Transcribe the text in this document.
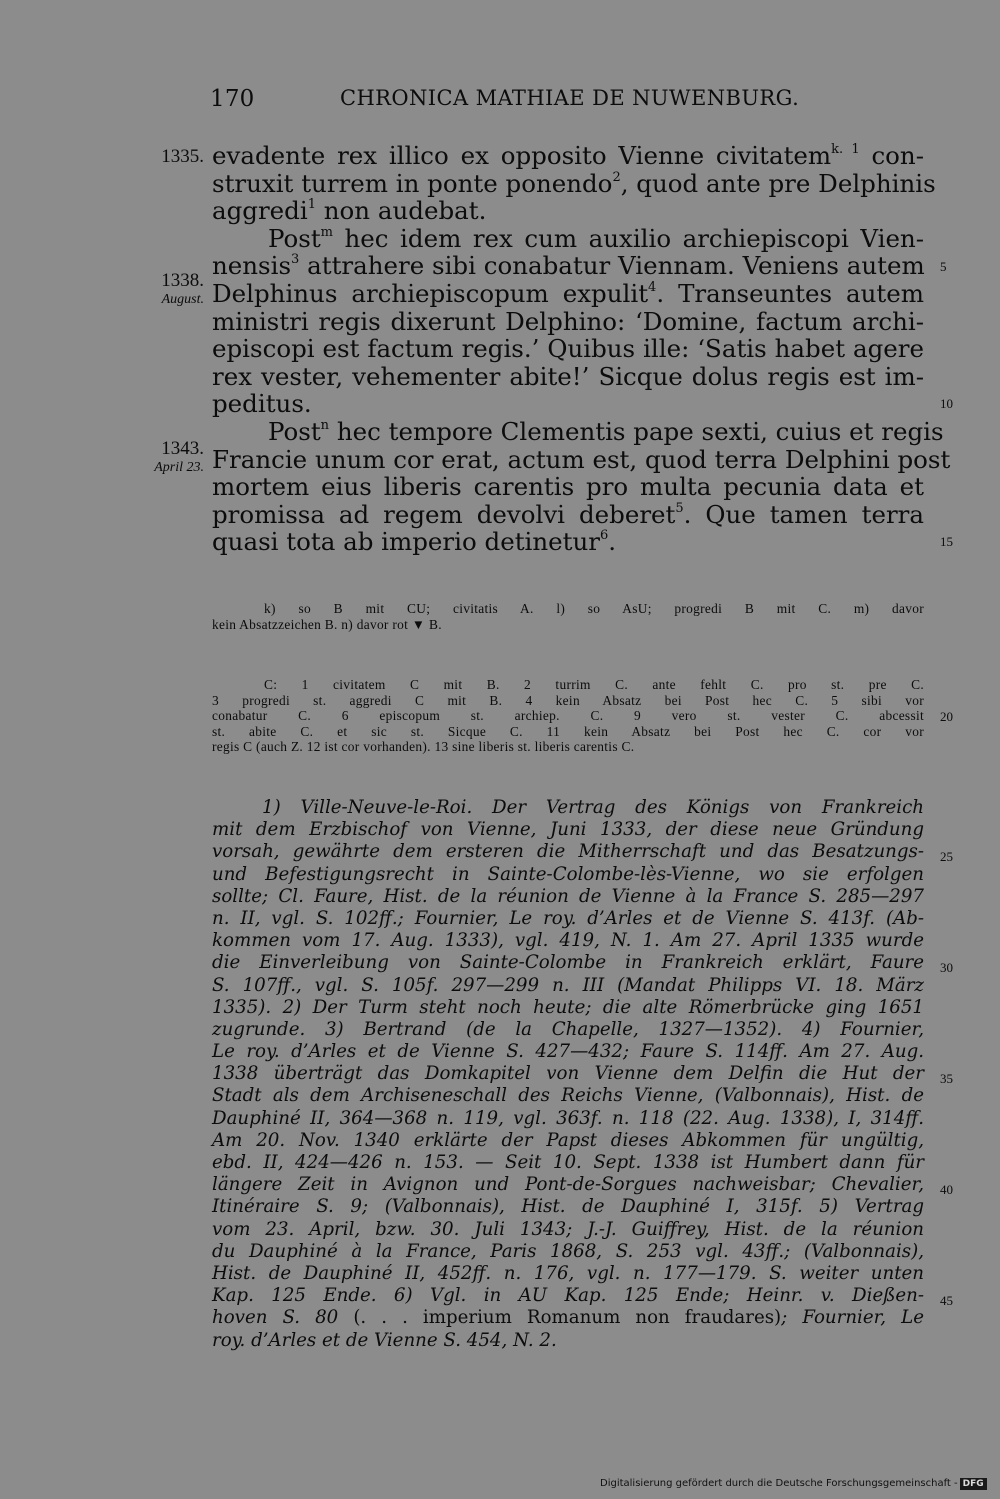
170	CHRONICA MATHIAE DE NUWENBURG.
1335.
1338.
August.
1343.
April 23.
5
10
15
20
25
30
35
40
45
evadente rex illico ex opposito Vienne civitatem$^{k. 1}$ con-
struxit turrem in ponte ponendo$^2$, quod ante pre Delphinis
aggredi$^1$ non audebat.
Post$^m$ hec idem rex cum auxilio archiepiscopi Vien-
nensis$^3$ attrahere sibi conabatur Viennam. Veniens autem
Delphinus archiepiscopum expulit$^4$. Transeuntes autem
ministri regis dixerunt Delphino: ‘Domine, factum archi-
episcopi est factum regis.’ Quibus ille: ‘Satis habet agere
rex vester, vehementer abite!’ Sicque dolus regis est im-
peditus.
Post$^n$ hec tempore Clementis pape sexti, cuius et regis
Francie unum cor erat, actum est, quod terra Delphini post
mortem eius liberis carentis pro multa pecunia data et
promissa ad regem devolvi deberet$^5$. Que tamen terra
quasi tota ab imperio detinetur$^6$.
k) so B mit CU; civitatis A. l) so AsU; progredi B mit C. m) davor
kein Absatzzeichen B. n) davor rot ▼ B.
C: 1 civitatem C mit B. 2 turrim C. ante fehlt C. pro st. pre C.
3 progredi st. aggredi C mit B. 4 kein Absatz bei Post hec C. 5 sibi vor
conabatur C. 6 episcopum st. archiep. C. 9 vero st. vester C. abcessit
st. abite C. et sic st. Sicque C. 11 kein Absatz bei Post hec C. cor vor
regis C (auch Z. 12 ist cor vorhanden). 13 sine liberis st. liberis carentis C.
1) Ville-Neuve-le-Roi. Der Vertrag des Königs von Frankreich
mit dem Erzbischof von Vienne, Juni 1333, der diese neue Gründung
vorsah, gewährte dem ersteren die Mitherrschaft und das Besatzungs-
und Befestigungsrecht in Sainte-Colombe-lès-Vienne, wo sie erfolgen
sollte; Cl. Faure, Hist. de la réunion de Vienne à la France S. 285—297
n. II, vgl. S. 102ff.; Fournier, Le roy. d’Arles et de Vienne S. 413f. (Ab-
kommen vom 17. Aug. 1333), vgl. 419, N. 1. Am 27. April 1335 wurde
die Einverleibung von Sainte-Colombe in Frankreich erklärt, Faure
S. 107ff., vgl. S. 105f. 297—299 n. III (Mandat Philipps VI. 18. März
1335). 2) Der Turm steht noch heute; die alte Römerbrücke ging 1651
zugrunde. 3) Bertrand (de la Chapelle, 1327—1352). 4) Fournier,
Le roy. d’Arles et de Vienne S. 427—432; Faure S. 114ff. Am 27. Aug.
1338 überträgt das Domkapitel von Vienne dem Delfin die Hut der
Stadt als dem Archiseneschall des Reichs Vienne, (Valbonnais), Hist. de
Dauphiné II, 364—368 n. 119, vgl. 363f. n. 118 (22. Aug. 1338), I, 314ff.
Am 20. Nov. 1340 erklärte der Papst dieses Abkommen für ungültig,
ebd. II, 424—426 n. 153. — Seit 10. Sept. 1338 ist Humbert dann für
längere Zeit in Avignon und Pont-de-Sorgues nachweisbar; Chevalier,
Itinéraire S. 9; (Valbonnais), Hist. de Dauphiné I, 315f. 5) Vertrag
vom 23. April, bzw. 30. Juli 1343; J.-J. Guiffrey, Hist. de la réunion
du Dauphiné à la France, Paris 1868, S. 253 vgl. 43ff.; (Valbonnais),
Hist. de Dauphiné II, 452ff. n. 176, vgl. n. 177—179. S. weiter unten
Kap. 125 Ende. 6) Vgl. in AU Kap. 125 Ende; Heinr. v. Dießen-
hoven S. 80 (. . . imperium Romanum non fraudares); Fournier, Le
roy. d’Arles et de Vienne S. 454, N. 2.
Digitalisierung gefördert durch die Deutsche Forschungsgemeinschaft - DFG
